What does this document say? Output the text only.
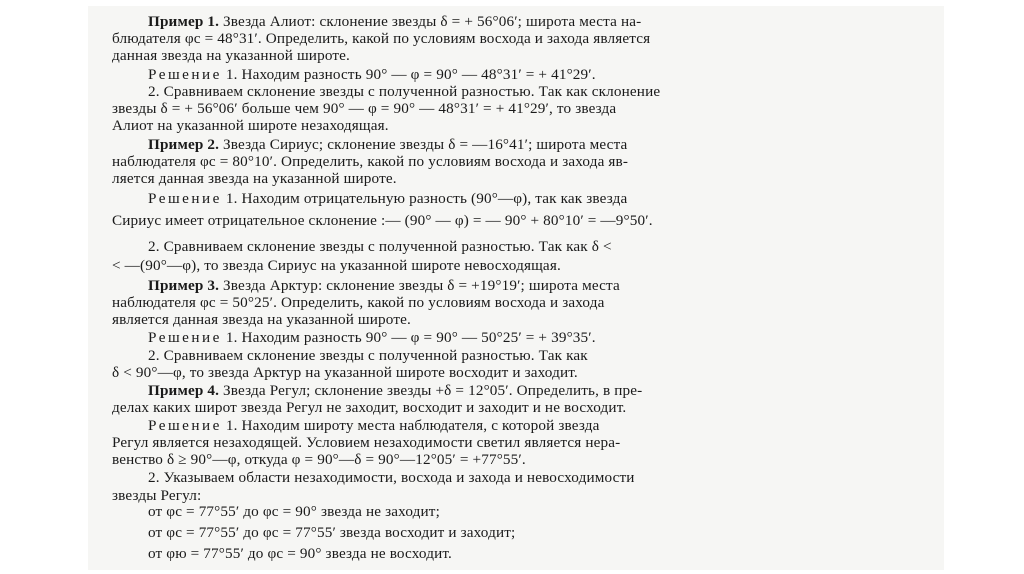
Пример 1. Звезда Алиот: склонение звезды δ = + 56°06′; широта места на-
блюдателя φc = 48°31′. Определить, какой по условиям восхода и захода является
данная звезда на указанной широте.
Решение 1. Находим разность 90° — φ = 90° — 48°31′ = + 41°29′.
2. Сравниваем склонение звезды с полученной разностью. Так как склонение
звезды δ = + 56°06′ больше чем 90° — φ = 90° — 48°31′ = + 41°29′, то звезда
Алиот на указанной широте незаходящая.
Пример 2. Звезда Сириус; склонение звезды δ = —16°41′; широта места
наблюдателя φc = 80°10′. Определить, какой по условиям восхода и захода яв-
ляется данная звезда на указанной широте.
Решение 1. Находим отрицательную разность (90°—φ), так как звезда
Сириус имеет отрицательное склонение :— (90° — φ) = — 90° + 80°10′ = —9°50′.
2. Сравниваем склонение звезды с полученной разностью. Так как δ <
< —(90°—φ), то звезда Сириус на указанной широте невосходящая.
Пример 3. Звезда Арктур: склонение звезды δ = +19°19′; широта места
наблюдателя φc = 50°25′. Определить, какой по условиям восхода и захода
является данная звезда на указанной широте.
Решение 1. Находим разность 90° — φ = 90° — 50°25′ = + 39°35′.
2. Сравниваем склонение звезды с полученной разностью. Так как
δ < 90°—φ, то звезда Арктур на указанной широте восходит и заходит.
Пример 4. Звезда Регул; склонение звезды +δ = 12°05′. Определить, в пре-
делах каких широт звезда Регул не заходит, восходит и заходит и не восходит.
Решение 1. Находим широту места наблюдателя, с которой звезда
Регул является незаходящей. Условием незаходимости светил является нера-
венство δ ≥ 90°—φ, откуда φ = 90°—δ = 90°—12°05′ = +77°55′.
2. Указываем области незаходимости, восхода и захода и невосходимости
звезды Регул:
от φc = 77°55′ до φc = 90° звезда не заходит;
от φc = 77°55′ до φc = 77°55′ звезда восходит и заходит;
от φю = 77°55′ до φc = 90° звезда не восходит.
